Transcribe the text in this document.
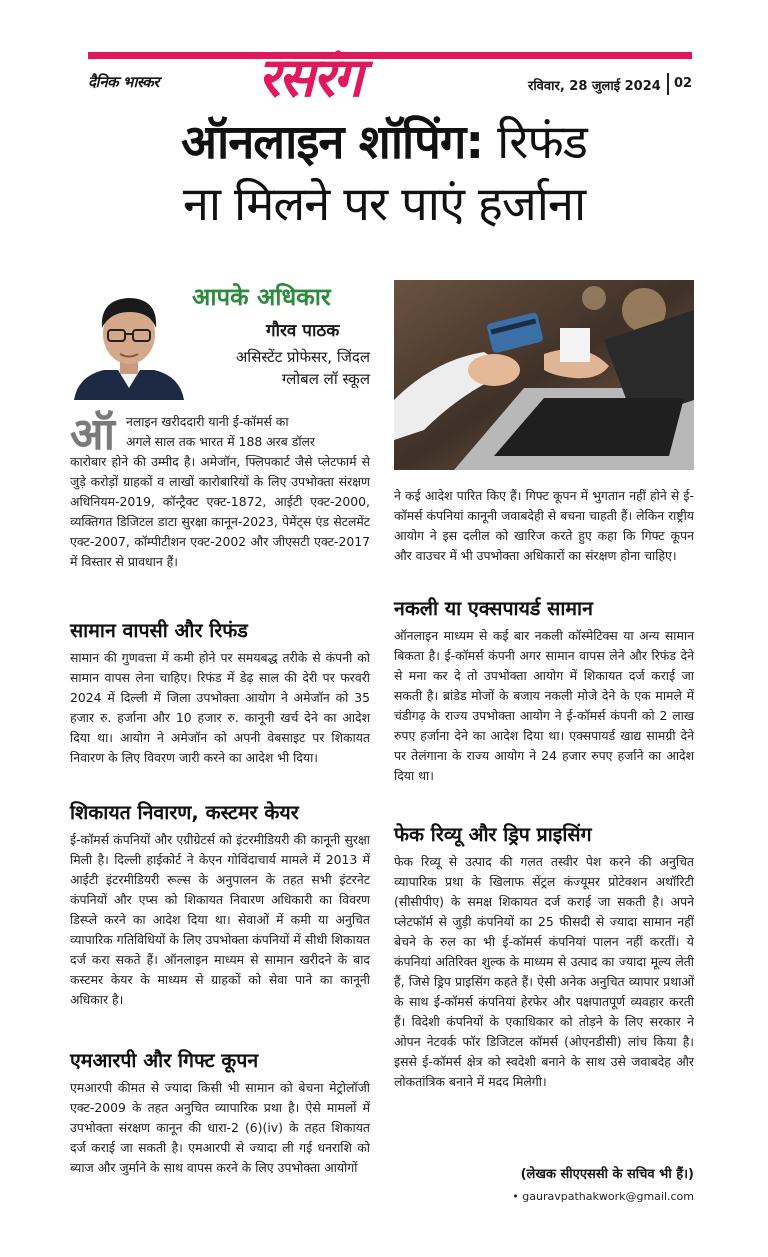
दैनिक भास्कर रसरंग	रविवार, 28 जुलाई 2024 02
ऑनलाइन शॉपिंग: रिफंड
ना मिलने पर पाएं हर्जाना
आपके अधिकार
गौरव पाठक
असिस्टेंट प्रोफेसर, जिंदल
ग्लोबल लॉ स्कूल
ऑ नलाइन खरीददारी यानी ई-कॉमर्स का

अगले साल तक भारत में 188 अरब डॉलर

कारोबार होने की उम्मीद है। अमेजॉन, फ्लिपकार्ट जैसे प्लेटफार्म से जुड़े करोड़ों ग्राहकों व लाखों कारोबारियों के लिए उपभोक्ता संरक्षण अधिनियम-2019, कॉन्ट्रैक्ट एक्ट-1872, आईटी एक्ट-2000, व्यक्तिगत डिजिटल डाटा सुरक्षा कानून-2023, पेमेंट्स एंड सेटलमेंट एक्ट-2007, कॉम्पीटीशन एक्ट-2002 और जीएसटी एक्ट-2017 में विस्तार से प्रावधान हैं।

सामान वापसी और रिफंड

सामान की गुणवत्ता में कमी होने पर समयबद्ध तरीके से कंपनी को सामान वापस लेना चाहिए। रिफंड में डेढ़ साल की देरी पर फरवरी 2024 में दिल्ली में जिला उपभोक्ता आयोग ने अमेजॉन को 35 हजार रु. हर्जाना और 10 हजार रु. कानूनी खर्च देने का आदेश दिया था। आयोग ने अमेजॉन को अपनी वेबसाइट पर शिकायत निवारण के लिए विवरण जारी करने का आदेश भी दिया।

शिकायत निवारण, कस्टमर केयर

ई-कॉमर्स कंपनियों और एग्रीग्रेटर्स को इंटरमीडियरी की कानूनी सुरक्षा मिली है। दिल्ली हाईकोर्ट ने केएन गोविंदाचार्य मामले में 2013 में आईटी इंटरमीडियरी रूल्स के अनुपालन के तहत सभी इंटरनेट कंपनियों और एप्स को शिकायत निवारण अधिकारी का विवरण डिस्प्ले करने का आदेश दिया था। सेवाओं में कमी या अनुचित व्यापारिक गतिविधियों के लिए उपभोक्ता कंपनियों में सीधी शिकायत दर्ज करा सकते हैं। ऑनलाइन माध्यम से सामान खरीदने के बाद कस्टमर केयर के माध्यम से ग्राहकों को सेवा पाने का कानूनी अधिकार है।

एमआरपी और गिफ्ट कूपन

एमआरपी कीमत से ज्यादा किसी भी सामान को बेचना मेट्रोलॉजी एक्ट-2009 के तहत अनुचित व्यापारिक प्रथा है। ऐसे मामलों में उपभोक्ता संरक्षण कानून की धारा-2 (6)(iv) के तहत शिकायत दर्ज कराई जा सकती है। एमआरपी से ज्यादा ली गई धनराशि को ब्याज और जुर्माने के साथ वापस करने के लिए उपभोक्ता आयोगों

ने कई आदेश पारित किए हैं। गिफ्ट कूपन में भुगतान नहीं होने से ई-कॉमर्स कंपनियां कानूनी जवाबदेही से बचना चाहती हैं। लेकिन राष्ट्रीय आयोग ने इस दलील को खारिज करते हुए कहा कि गिफ्ट कूपन और वाउचर में भी उपभोक्ता अधिकारों का संरक्षण होना चाहिए।

नकली या एक्सपायर्ड सामान

ऑनलाइन माध्यम से कई बार नकली कॉस्मेटिक्स या अन्य सामान बिकता है। ई-कॉमर्स कंपनी अगर सामान वापस लेने और रिफंड देने से मना कर दे तो उपभोक्ता आयोग में शिकायत दर्ज कराई जा सकती है। ब्रांडेड मोजों के बजाय नकली मोजे देने के एक मामले में चंडीगढ़ के राज्य उपभोक्ता आयोग ने ई-कॉमर्स कंपनी को 2 लाख रुपए हर्जाना देने का आदेश दिया था। एक्सपायर्ड खाद्य सामग्री देने पर तेलंगाना के राज्य आयोग ने 24 हजार रुपए हर्जाने का आदेश दिया था।

फेक रिव्यू और ड्रिप प्राइसिंग

फेक रिव्यू से उत्पाद की गलत तस्वीर पेश करने की अनुचित व्यापारिक प्रथा के खिलाफ सेंट्रल कंज्यूमर प्रोटेक्शन अथॉरिटी (सीसीपीए) के समक्ष शिकायत दर्ज कराई जा सकती है। अपने प्लेटफॉर्म से जुड़ी कंपनियों का 25 फीसदी से ज्यादा सामान नहीं बेचने के रुल का भी ई-कॉमर्स कंपनियां पालन नहीं करतीं। ये कंपनियां अतिरिक्त शुल्क के माध्यम से उत्पाद का ज्यादा मूल्य लेती हैं, जिसे ड्रिप प्राइसिंग कहते हैं। ऐसी अनेक अनुचित व्यापार प्रथाओं के साथ ई-कॉमर्स कंपनियां हेरफेर और पक्षपातपूर्ण व्यवहार करती हैं। विदेशी कंपनियों के एकाधिकार को तोड़ने के लिए सरकार ने ओपन नेटवर्क फॉर डिजिटल कॉमर्स (ओएनडीसी) लांच किया है। इससे ई-कॉमर्स क्षेत्र को स्वदेशी बनाने के साथ उसे जवाबदेह और लोकतांत्रिक बनाने में मदद मिलेगी।

(लेखक सीएएससी के सचिव भी हैं।)
• gauravpathakwork@gmail.com
